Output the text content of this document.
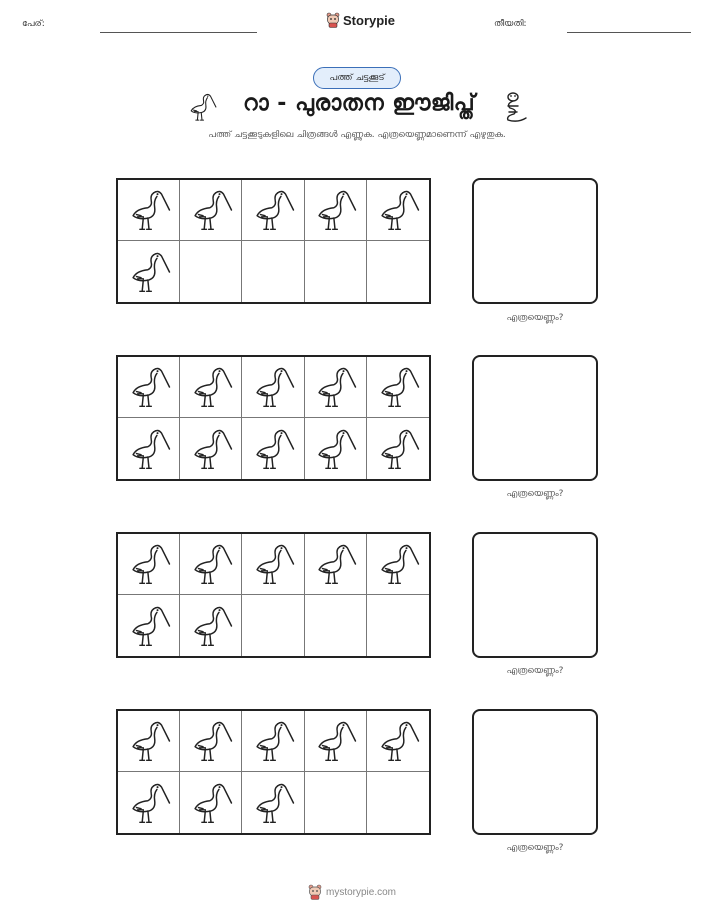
പേര്:	Storypie	തീയതി:
പത്ത് ചട്ടക്കൂട്
റാ - പുരാതന ഈജിപ്ത്
പത്ത് ചട്ടക്കൂടുകളിലെ ചിത്രങ്ങൾ എണ്ണുക. എത്രയെണ്ണമാണെന്ന് എഴുതുക.
എത്രയെണ്ണം?
എത്രയെണ്ണം?
എത്രയെണ്ണം?
എത്രയെണ്ണം?
mystorypie.com
